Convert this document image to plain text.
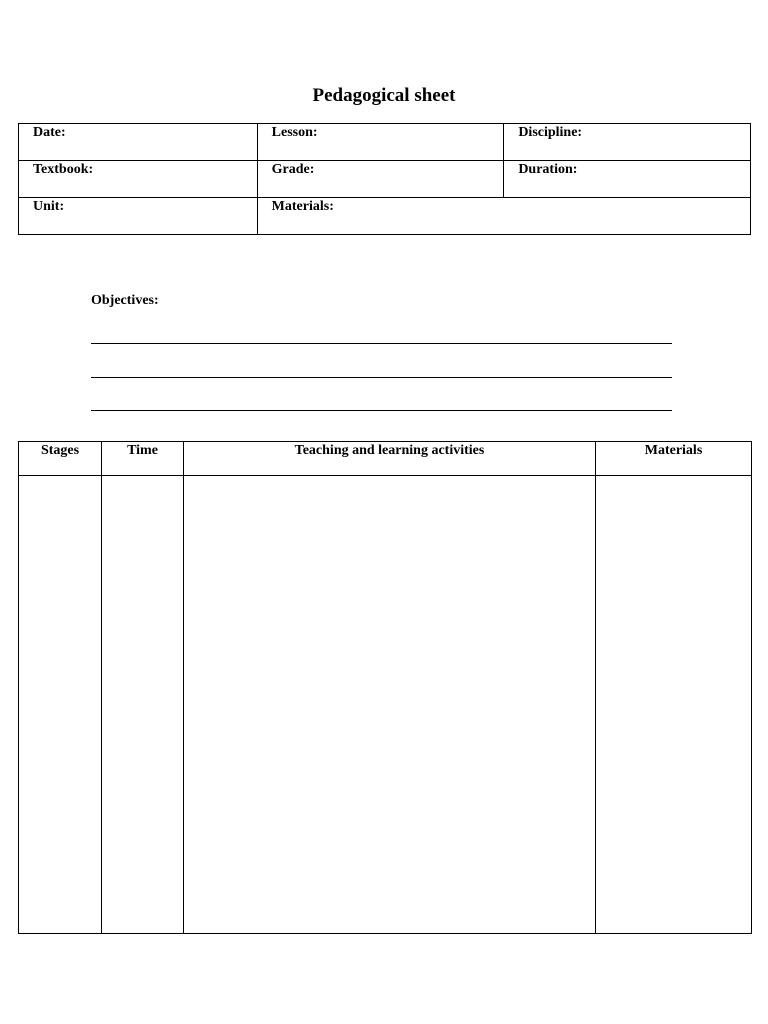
Pedagogical sheet
Date:	Lesson:	Discipline:
Textbook:	Grade:	Duration:
Unit:	Materials:	
Objectives:
Stages	Time	Teaching and learning activities	Materials
